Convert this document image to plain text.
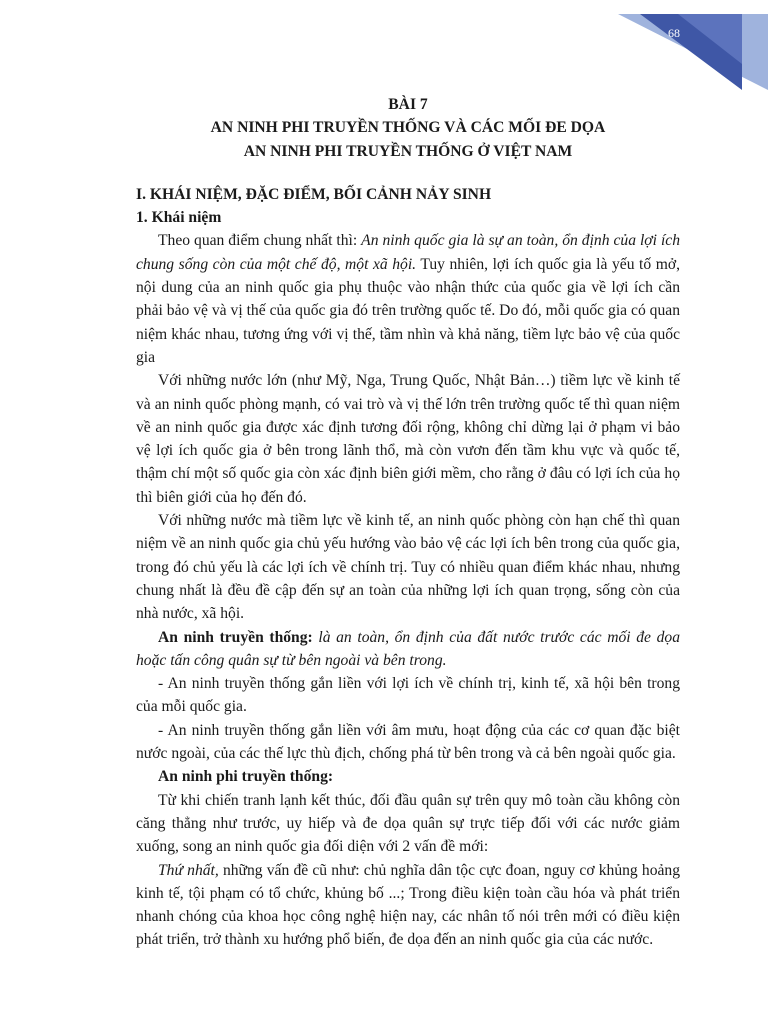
68
BÀI 7
AN NINH PHI TRUYỀN THỐNG VÀ CÁC MỐI ĐE DỌA
AN NINH PHI TRUYỀN THỐNG Ở VIỆT NAM
I. KHÁI NIỆM, ĐẶC ĐIỂM, BỐI CẢNH NẢY SINH
1. Khái niệm

Theo quan điểm chung nhất thì: An ninh quốc gia là sự an toàn, ổn định của lợi ích chung sống còn của một chế độ, một xã hội. Tuy nhiên, lợi ích quốc gia là yếu tố mở, nội dung của an ninh quốc gia phụ thuộc vào nhận thức của quốc gia về lợi ích cần phải bảo vệ và vị thế của quốc gia đó trên trường quốc tế. Do đó, mỗi quốc gia có quan niệm khác nhau, tương ứng với vị thế, tầm nhìn và khả năng, tiềm lực bảo vệ của quốc gia

Với những nước lớn (như Mỹ, Nga, Trung Quốc, Nhật Bản…) tiềm lực về kinh tế và an ninh quốc phòng mạnh, có vai trò và vị thế lớn trên trường quốc tế thì quan niệm về an ninh quốc gia được xác định tương đối rộng, không chỉ dừng lại ở phạm vi bảo vệ lợi ích quốc gia ở bên trong lãnh thổ, mà còn vươn đến tầm khu vực và quốc tế, thậm chí một số quốc gia còn xác định biên giới mềm, cho rằng ở đâu có lợi ích của họ thì biên giới của họ đến đó.

Với những nước mà tiềm lực về kinh tế, an ninh quốc phòng còn hạn chế thì quan niệm về an ninh quốc gia chủ yếu hướng vào bảo vệ các lợi ích bên trong của quốc gia, trong đó chủ yếu là các lợi ích về chính trị. Tuy có nhiều quan điểm khác nhau, nhưng chung nhất là đều đề cập đến sự an toàn của những lợi ích quan trọng, sống còn của nhà nước, xã hội.

An ninh truyền thống: là an toàn, ổn định của đất nước trước các mối đe dọa hoặc tấn công quân sự từ bên ngoài và bên trong.

- An ninh truyền thống gắn liền với lợi ích về chính trị, kinh tế, xã hội bên trong của mỗi quốc gia.

- An ninh truyền thống gắn liền với âm mưu, hoạt động của các cơ quan đặc biệt nước ngoài, của các thế lực thù địch, chống phá từ bên trong và cả bên ngoài quốc gia.

An ninh phi truyền thống:

Từ khi chiến tranh lạnh kết thúc, đối đầu quân sự trên quy mô toàn cầu không còn căng thẳng như trước, uy hiếp và đe dọa quân sự trực tiếp đối với các nước giảm xuống, song an ninh quốc gia đối diện với 2 vấn đề mới:

Thứ nhất, những vấn đề cũ như: chủ nghĩa dân tộc cực đoan, nguy cơ khủng hoảng kinh tế, tội phạm có tổ chức, khủng bố ...; Trong điều kiện toàn cầu hóa và phát triển nhanh chóng của khoa học công nghệ hiện nay, các nhân tố nói trên mới có điều kiện phát triển, trở thành xu hướng phổ biến, đe dọa đến an ninh quốc gia của các nước.
